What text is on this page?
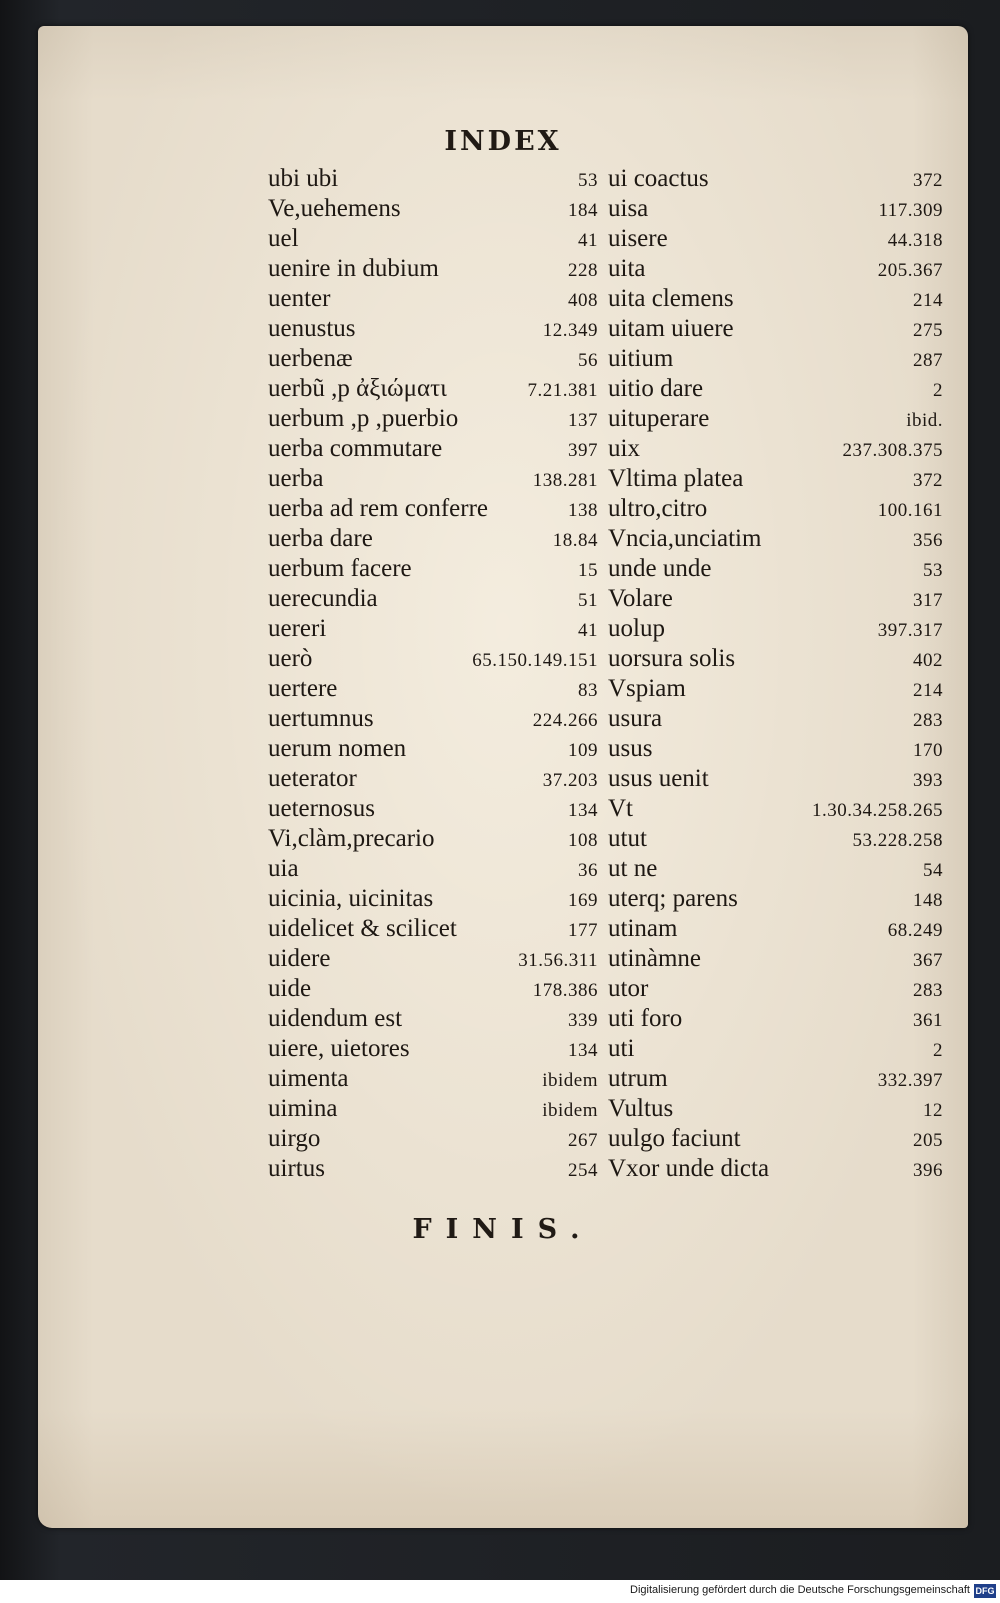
INDEX
ubi ubi	53
Ve,uehemens	184
uel	41
uenire in dubium	228
uenter	408
uenustus	12.349
uerbenæ	56
uerbũ ,p ἀξιώματι	7.21.381
uerbum ,p ,puerbio	137
uerba commutare	397
uerba	138.281
uerba ad rem conferre	138
uerba dare	18.84
uerbum facere	15
uerecundia	51
uereri	41
uerò	65.150.149.151
uertere	83
uertumnus	224.266
uerum nomen	109
ueterator	37.203
ueternosus	134
Vi,clàm,precario	108
uia	36
uicinia, uicinitas	169
uidelicet & scilicet	177
uidere	31.56.311
uide	178.386
uidendum est	339
uiere, uietores	134
uimenta	ibidem
uimina	ibidem
uirgo	267
uirtus	254
ui coactus	372
uisa	117.309
uisere	44.318
uita	205.367
uita clemens	214
uitam uiuere	275
uitium	287
uitio dare	2
uituperare	ibid.
uix	237.308.375
Vltima platea	372
ultro,citro	100.161
Vncia,unciatim	356
unde unde	53
Volare	317
uolup	397.317
uorsura solis	402
Vspiam	214
usura	283
usus	170
usus uenit	393
Vt	1.30.34.258.265
utut	53.228.258
ut ne	54
uterq; parens	148
utinam	68.249
utinàmne	367
utor	283
uti foro	361
uti	2
utrum	332.397
Vultus	12
uulgo faciunt	205
Vxor unde dicta	396
FINIS.
Digitalisierung gefördert durch die Deutsche Forschungsgemeinschaft DFG
